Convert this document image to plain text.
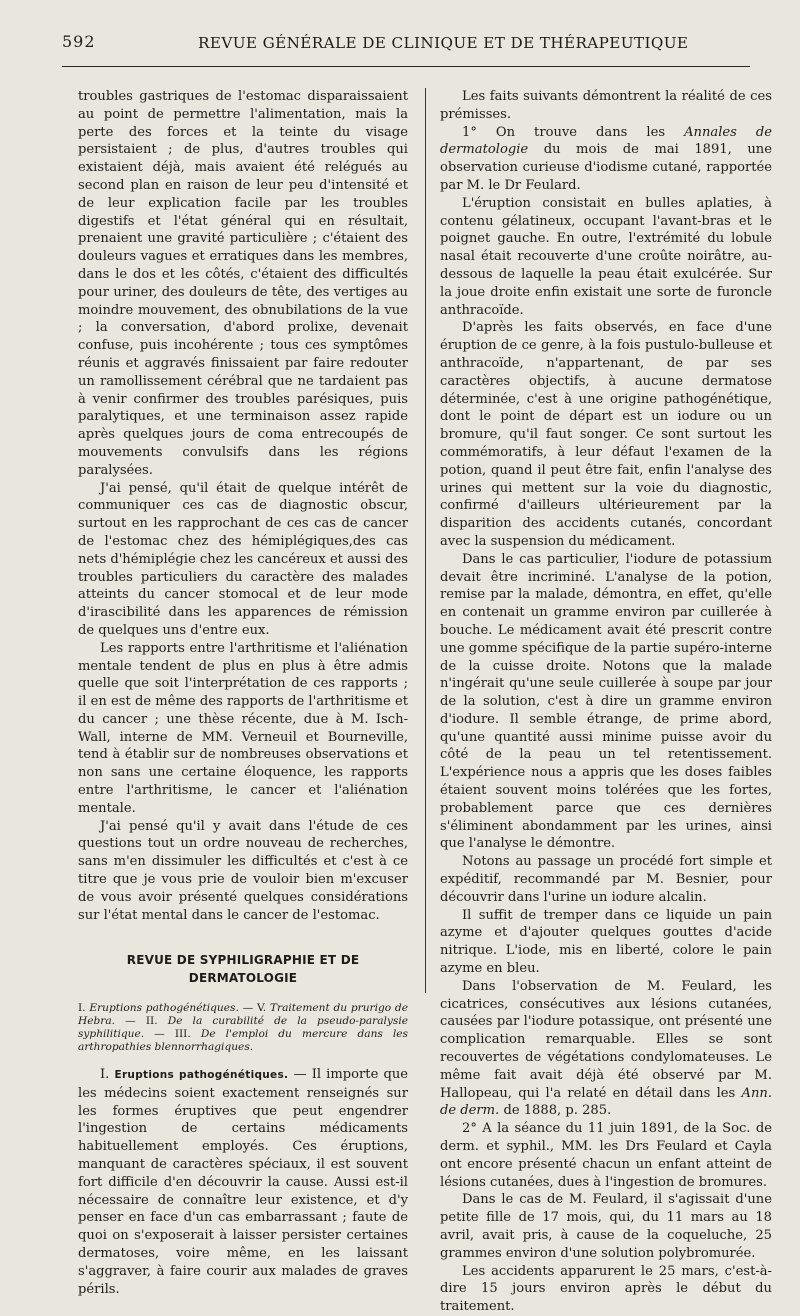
592	REVUE GÉNÉRALE DE CLINIQUE ET DE THÉRAPEUTIQUE

troubles gastriques de l'estomac disparaissaient au point de permettre l'alimentation, mais la perte des forces et la teinte du visage persistaient ; de plus, d'autres troubles qui existaient déjà, mais avaient été relégués au second plan en raison de leur peu d'intensité et de leur explication facile par les troubles digestifs et l'état général qui en résultait, prenaient une gravité particulière ; c'étaient des douleurs vagues et erratiques dans les membres, dans le dos et les côtés, c'étaient des difficultés pour uriner, des douleurs de tête, des vertiges au moindre mouvement, des obnubilations de la vue ; la conversation, d'abord prolixe, devenait confuse, puis incohérente ; tous ces symptômes réunis et aggravés finissaient par faire redouter un ramollissement cérébral que ne tardaient pas à venir confirmer des troubles parésiques, puis paralytiques, et une terminaison assez rapide après quelques jours de coma entrecoupés de mouvements convulsifs dans les régions paralysées.

J'ai pensé, qu'il était de quelque intérêt de communiquer ces cas de diagnostic obscur, surtout en les rapprochant de ces cas de cancer de l'estomac chez des hémiplégiques,des cas nets d'hémiplégie chez les cancéreux et aussi des troubles particuliers du caractère des malades atteints du cancer stomocal et de leur mode d'irascibilité dans les apparences de rémission de quelques uns d'entre eux.

Les rapports entre l'arthritisme et l'aliénation mentale tendent de plus en plus à être admis quelle que soit l'interprétation de ces rapports ; il en est de même des rapports de l'arthritisme et du cancer ; une thèse récente, due à M. Isch-Wall, interne de MM. Verneuil et Bourneville, tend à établir sur de nombreuses observations et non sans une certaine éloquence, les rapports entre l'arthritisme, le cancer et l'aliénation mentale.

J'ai pensé qu'il y avait dans l'étude de ces questions tout un ordre nouveau de recherches, sans m'en dissimuler les difficultés et c'est à ce titre que je vous prie de vouloir bien m'excuser de vous avoir présenté quelques considérations sur l'état mental dans le cancer de l'estomac.

REVUE DE SYPHILIGRAPHIE ET DE DERMATOLOGIE

I. Eruptions pathogénétiques. — V. Traitement du prurigo de Hebra. — II. De la curabilité de la pseudo-paralysie syphilitique. — III. De l'emploi du mercure dans les arthropathies blennorrhagiques.

I. Eruptions pathogénétiques. — Il importe que les médecins soient exactement renseignés sur les formes éruptives que peut engendrer l'ingestion de certains médicaments habituellement employés. Ces éruptions, manquant de caractères spéciaux, il est souvent fort difficile d'en découvrir la cause. Aussi est-il nécessaire de connaître leur existence, et d'y penser en face d'un cas embarrassant ; faute de quoi on s'exposerait à laisser persister certaines dermatoses, voire même, en les laissant s'aggraver, à faire courir aux malades de graves périls.

Les faits suivants démontrent la réalité de ces prémisses.

1° On trouve dans les Annales de dermatologie du mois de mai 1891, une observation curieuse d'iodisme cutané, rapportée par M. le Dr Feulard.

L'éruption consistait en bulles aplaties, à contenu gélatineux, occupant l'avant-bras et le poignet gauche. En outre, l'extrémité du lobule nasal était recouverte d'une croûte noirâtre, au-dessous de laquelle la peau était exulcérée. Sur la joue droite enfin existait une sorte de furoncle anthracoïde.

D'après les faits observés, en face d'une éruption de ce genre, à la fois pustulo-bulleuse et anthracoïde, n'appartenant, de par ses caractères objectifs, à aucune dermatose déterminée, c'est à une origine pathogénétique, dont le point de départ est un iodure ou un bromure, qu'il faut songer. Ce sont surtout les commémoratifs, à leur défaut l'examen de la potion, quand il peut être fait, enfin l'analyse des urines qui mettent sur la voie du diagnostic, confirmé d'ailleurs ultérieurement par la disparition des accidents cutanés, concordant avec la suspension du médicament.

Dans le cas particulier, l'iodure de potassium devait être incriminé. L'analyse de la potion, remise par la malade, démontra, en effet, qu'elle en contenait un gramme environ par cuillerée à bouche. Le médicament avait été prescrit contre une gomme spécifique de la partie supéro-interne de la cuisse droite. Notons que la malade n'ingérait qu'une seule cuillerée à soupe par jour de la solution, c'est à dire un gramme environ d'iodure. Il semble étrange, de prime abord, qu'une quantité aussi minime puisse avoir du côté de la peau un tel retentissement. L'expérience nous a appris que les doses faibles étaient souvent moins tolérées que les fortes, probablement parce que ces dernières s'éliminent abondamment par les urines, ainsi que l'analyse le démontre.

Notons au passage un procédé fort simple et expéditif, recommandé par M. Besnier, pour découvrir dans l'urine un iodure alcalin.

Il suffit de tremper dans ce liquide un pain azyme et d'ajouter quelques gouttes d'acide nitrique. L'iode, mis en liberté, colore le pain azyme en bleu.

Dans l'observation de M. Feulard, les cicatrices, consécutives aux lésions cutanées, causées par l'iodure potassique, ont présenté une complication remarquable. Elles se sont recouvertes de végétations condylomateuses. Le même fait avait déjà été observé par M. Hallopeau, qui l'a relaté en détail dans les Ann. de derm. de 1888, p. 285.

2° A la séance du 11 juin 1891, de la Soc. de derm. et syphil., MM. les Drs Feulard et Cayla ont encore présenté chacun un enfant atteint de lésions cutanées, dues à l'ingestion de bromures.

Dans le cas de M. Feulard, il s'agissait d'une petite fille de 17 mois, qui, du 11 mars au 18 avril, avait pris, à cause de la coqueluche, 25 grammes environ d'une solution polybromurée.

Les accidents apparurent le 25 mars, c'est-à-dire 15 jours environ après le début du traitement.
